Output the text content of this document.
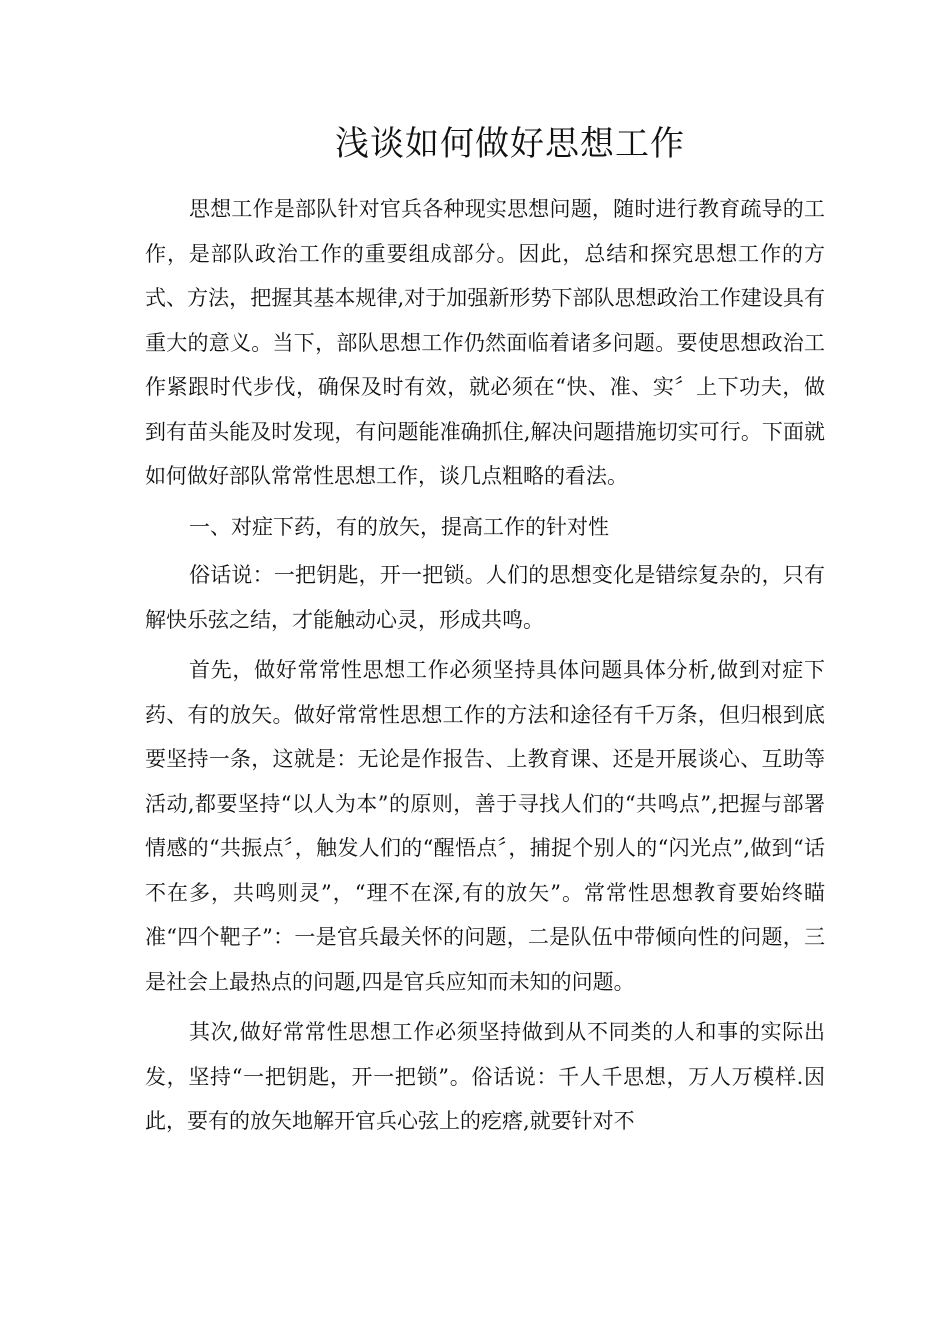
浅谈如何做好思想工作

思想工作是部队针对官兵各种现实思想问题，随时进行教育疏导的工作，是部队政治工作的重要组成部分。因此，总结和探究思想工作的方式、方法，把握其基本规律,对于加强新形势下部队思想政治工作建设具有重大的意义。当下，部队思想工作仍然面临着诸多问题。要使思想政治工作紧跟时代步伐，确保及时有效，就必须在“快、准、实〞上下功夫，做到有苗头能及时发现，有问题能准确抓住,解决问题措施切实可行。下面就如何做好部队常常性思想工作，谈几点粗略的看法。

一、对症下药，有的放矢，提高工作的针对性

俗话说：一把钥匙，开一把锁。人们的思想变化是错综复杂的，只有解快乐弦之结，才能触动心灵，形成共鸣。

首先，做好常常性思想工作必须坚持具体问题具体分析,做到对症下药、有的放矢。做好常常性思想工作的方法和途径有千万条，但归根到底要坚持一条，这就是：无论是作报告、上教育课、还是开展谈心、互助等活动,都要坚持“以人为本”的原则，善于寻找人们的“共鸣点”,把握与部署情感的“共振点〞，触发人们的“醒悟点〞，捕捉个别人的“闪光点”,做到“话不在多，共鸣则灵”，“理不在深,有的放矢”。常常性思想教育要始终瞄准“四个靶子”：一是官兵最关怀的问题，二是队伍中带倾向性的问题，三是社会上最热点的问题,四是官兵应知而未知的问题。

其次,做好常常性思想工作必须坚持做到从不同类的人和事的实际出发，坚持“一把钥匙，开一把锁”。俗话说：千人千思想，万人万模样.因此，要有的放矢地解开官兵心弦上的疙瘩,就要针对不
